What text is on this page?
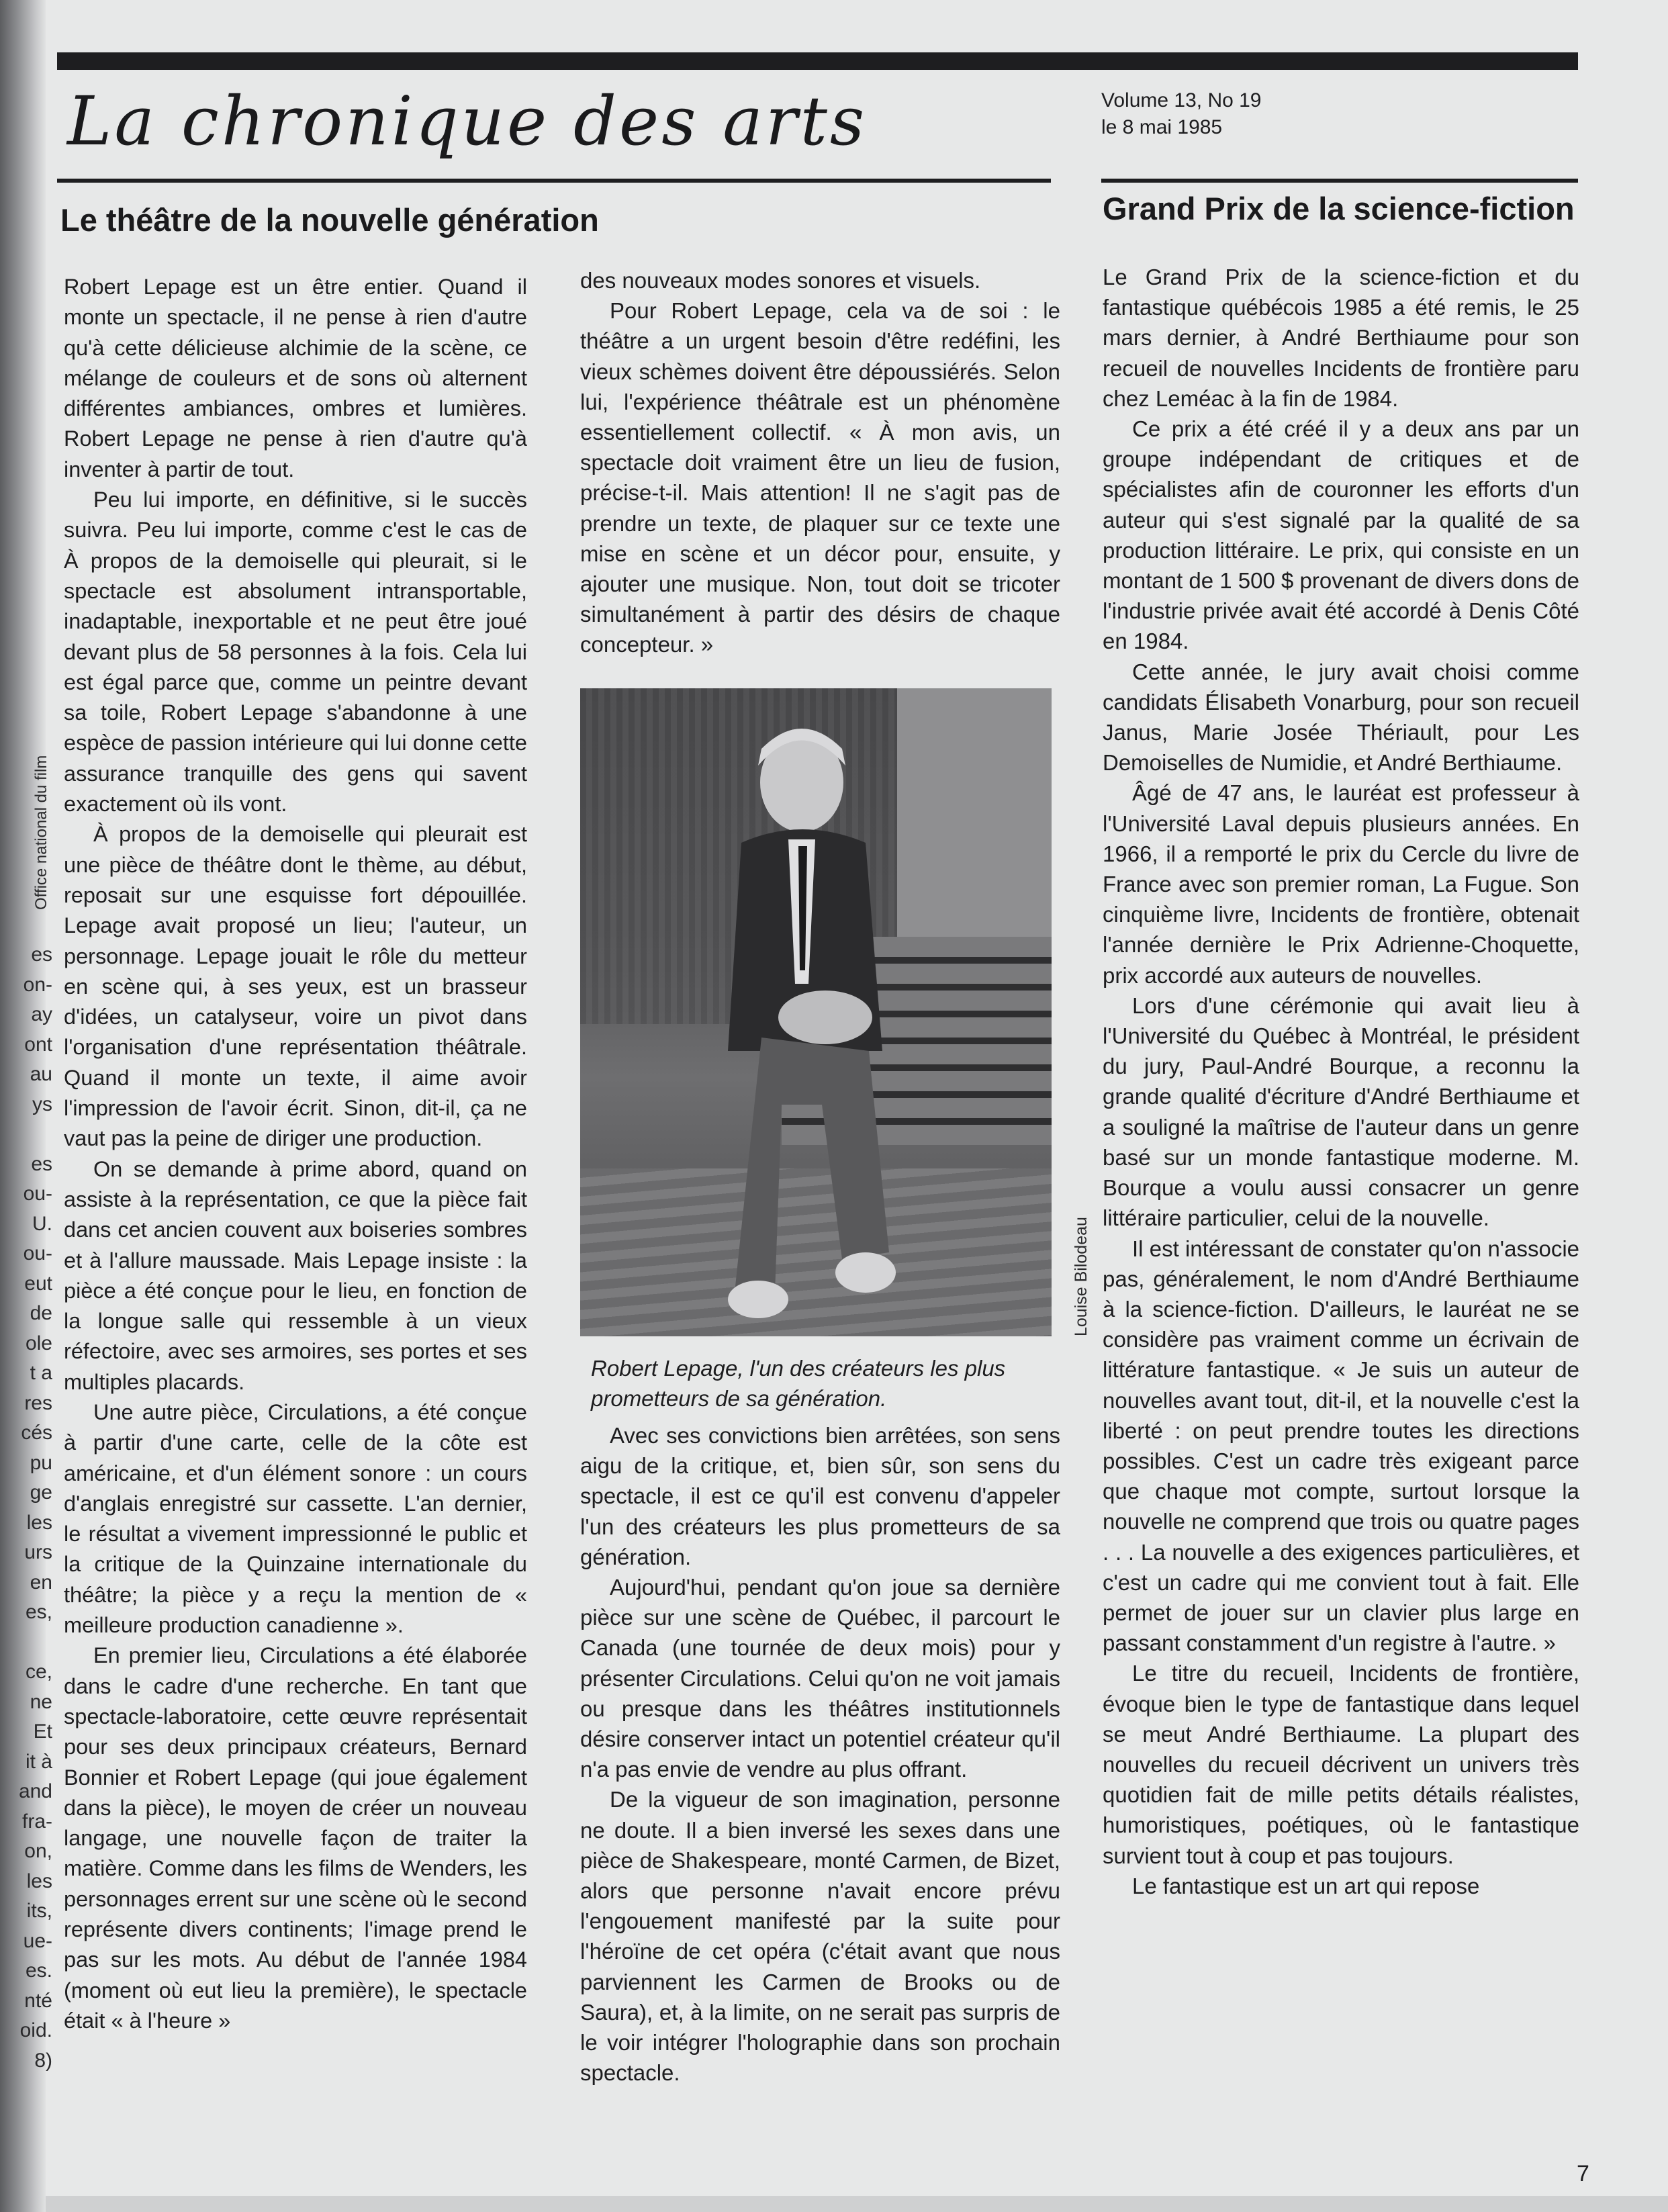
es
on-
ay
ont
au
ys

es
ou-
U.
ou-
eut
de
ole
t a
res
cés
pu
ge
les
urs
en
es,

ce,
ne
Et
it à
and
fra-
on,
les
its,
ue-
es.
nté
oid.
8)
Office national du film
La chronique des arts	Volume 13, No 19
le 8 mai 1985
Le théâtre de la nouvelle génération	Grand Prix de la science-fiction

Robert Lepage est un être entier. Quand il monte un spectacle, il ne pense à rien d'autre qu'à cette délicieuse alchimie de la scène, ce mélange de couleurs et de sons où alternent différentes ambiances, ombres et lumières. Robert Lepage ne pense à rien d'autre qu'à inventer à partir de tout.

Peu lui importe, en définitive, si le succès suivra. Peu lui importe, comme c'est le cas de À propos de la demoiselle qui pleurait, si le spectacle est absolument intransportable, inadaptable, inexportable et ne peut être joué devant plus de 58 personnes à la fois. Cela lui est égal parce que, comme un peintre devant sa toile, Robert Lepage s'abandonne à une espèce de passion intérieure qui lui donne cette assurance tranquille des gens qui savent exactement où ils vont.

À propos de la demoiselle qui pleurait est une pièce de théâtre dont le thème, au début, reposait sur une esquisse fort dépouillée. Lepage avait proposé un lieu; l'auteur, un personnage. Lepage jouait le rôle du metteur en scène qui, à ses yeux, est un brasseur d'idées, un catalyseur, voire un pivot dans l'organisation d'une représentation théâtrale. Quand il monte un texte, il aime avoir l'impression de l'avoir écrit. Sinon, dit-il, ça ne vaut pas la peine de diriger une production.

On se demande à prime abord, quand on assiste à la représentation, ce que la pièce fait dans cet ancien couvent aux boiseries sombres et à l'allure maussade. Mais Lepage insiste : la pièce a été conçue pour le lieu, en fonction de la longue salle qui ressemble à un vieux réfectoire, avec ses armoires, ses portes et ses multiples placards.

Une autre pièce, Circulations, a été conçue à partir d'une carte, celle de la côte est américaine, et d'un élément sonore : un cours d'anglais enregistré sur cassette. L'an dernier, le résultat a vivement impressionné le public et la critique de la Quinzaine internationale du théâtre; la pièce y a reçu la mention de « meilleure production canadienne ».

En premier lieu, Circulations a été élaborée dans le cadre d'une recherche. En tant que spectacle-laboratoire, cette œuvre représentait pour ses deux principaux créateurs, Bernard Bonnier et Robert Lepage (qui joue également dans la pièce), le moyen de créer un nouveau langage, une nouvelle façon de traiter la matière. Comme dans les films de Wenders, les personnages errent sur une scène où le second représente divers continents; l'image prend le pas sur les mots. Au début de l'année 1984 (moment où eut lieu la première), le spectacle était « à l'heure »

des nouveaux modes sonores et visuels.

Pour Robert Lepage, cela va de soi : le théâtre a un urgent besoin d'être redéfini, les vieux schèmes doivent être dépoussiérés. Selon lui, l'expérience théâtrale est un phénomène essentiellement collectif. « À mon avis, un spectacle doit vraiment être un lieu de fusion, précise-t-il. Mais attention! Il ne s'agit pas de prendre un texte, de plaquer sur ce texte une mise en scène et un décor pour, ensuite, y ajouter une musique. Non, tout doit se tricoter simultanément à partir des désirs de chaque concepteur. »

Louise Bilodeau
Robert Lepage, l'un des créateurs les plus prometteurs de sa génération.

Avec ses convictions bien arrêtées, son sens aigu de la critique, et, bien sûr, son sens du spectacle, il est ce qu'il est convenu d'appeler l'un des créateurs les plus prometteurs de sa génération.

Aujourd'hui, pendant qu'on joue sa dernière pièce sur une scène de Québec, il parcourt le Canada (une tournée de deux mois) pour y présenter Circulations. Celui qu'on ne voit jamais ou presque dans les théâtres institutionnels désire conserver intact un potentiel créateur qu'il n'a pas envie de vendre au plus offrant.

De la vigueur de son imagination, personne ne doute. Il a bien inversé les sexes dans une pièce de Shakespeare, monté Carmen, de Bizet, alors que personne n'avait encore prévu l'engouement manifesté par la suite pour l'héroïne de cet opéra (c'était avant que nous parviennent les Carmen de Brooks ou de Saura), et, à la limite, on ne serait pas surpris de le voir intégrer l'holographie dans son prochain spectacle.

Le Grand Prix de la science-fiction et du fantastique québécois 1985 a été remis, le 25 mars dernier, à André Berthiaume pour son recueil de nouvelles Incidents de frontière paru chez Leméac à la fin de 1984.

Ce prix a été créé il y a deux ans par un groupe indépendant de critiques et de spécialistes afin de couronner les efforts d'un auteur qui s'est signalé par la qualité de sa production littéraire. Le prix, qui consiste en un montant de 1 500 $ provenant de divers dons de l'industrie privée avait été accordé à Denis Côté en 1984.

Cette année, le jury avait choisi comme candidats Élisabeth Vonarburg, pour son recueil Janus, Marie Josée Thériault, pour Les Demoiselles de Numidie, et André Berthiaume.

Âgé de 47 ans, le lauréat est professeur à l'Université Laval depuis plusieurs années. En 1966, il a remporté le prix du Cercle du livre de France avec son premier roman, La Fugue. Son cinquième livre, Incidents de frontière, obtenait l'année dernière le Prix Adrienne-Choquette, prix accordé aux auteurs de nouvelles.

Lors d'une cérémonie qui avait lieu à l'Université du Québec à Montréal, le président du jury, Paul-André Bourque, a reconnu la grande qualité d'écriture d'André Berthiaume et a souligné la maîtrise de l'auteur dans un genre basé sur un monde fantastique moderne. M. Bourque a voulu aussi consacrer un genre littéraire particulier, celui de la nouvelle.

Il est intéressant de constater qu'on n'associe pas, généralement, le nom d'André Berthiaume à la science-fiction. D'ailleurs, le lauréat ne se considère pas vraiment comme un écrivain de littérature fantastique. « Je suis un auteur de nouvelles avant tout, dit-il, et la nouvelle c'est la liberté : on peut prendre toutes les directions possibles. C'est un cadre très exigeant parce que chaque mot compte, surtout lorsque la nouvelle ne comprend que trois ou quatre pages . . . La nouvelle a des exigences particulières, et c'est un cadre qui me convient tout à fait. Elle permet de jouer sur un clavier plus large en passant constamment d'un registre à l'autre. »

Le titre du recueil, Incidents de frontière, évoque bien le type de fantastique dans lequel se meut André Berthiaume. La plupart des nouvelles du recueil décrivent un univers très quotidien fait de mille petits détails réalistes, humoristiques, poétiques, où le fantastique survient tout à coup et pas toujours.

Le fantastique est un art qui repose

7
